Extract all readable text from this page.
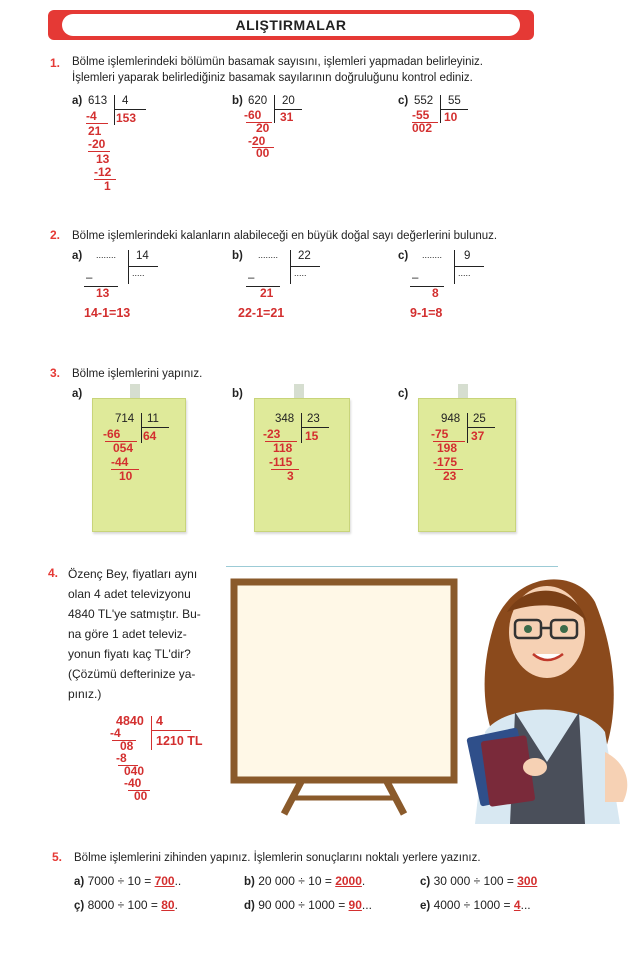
ALIŞTIRMALAR
1. Bölme işlemlerindeki bölümün basamak sayısını, işlemleri yapmadan belirleyiniz.
İşlemleri yaparak belirlediğiniz basamak sayılarının doğruluğunu kontrol ediniz.
a) 613 4
153
-4
21
-20
13
-12
1
b) 620 20
31
-60
20
-20
00
c) 552 55
10
-55
002
2. Bölme işlemlerindeki kalanların alabileceği en büyük doğal sayı değerlerini bulunuz.
a) ........ 14
.....
–
13
14-1=13
b) ........ 22
.....
–
21
22-1=21
c) ........ 9
.....
–
8
9-1=8
3. Bölme işlemlerini yapınız.
a)
714 11
64
-66
054
-44
10
b)
348 23
15
-23
118
-115
3
c)
948 25
37
-75
198
-175
23
4. Özenç Bey, fiyatları aynı
olan 4 adet televizyonu
4840 TL'ye satmıştır. Bu-
na göre 1 adet televiz-
yonun fiyatı kaç TL'dir?
(Çözümü defterinize ya-
pınız.)
4840 4
1210 TL
-4
08
-8
040
-40
00
5. Bölme işlemlerini zihinden yapınız. İşlemlerin sonuçlarını noktalı yerlere yazınız.
a) 7000 ÷ 10 = 700..	b) 20 000 ÷ 10 = 2000.	c) 30 000 ÷ 100 = 300
ç) 8000 ÷ 100 = 80.	d) 90 000 ÷ 1000 = 90...	e) 4000 ÷ 1000 = 4...
